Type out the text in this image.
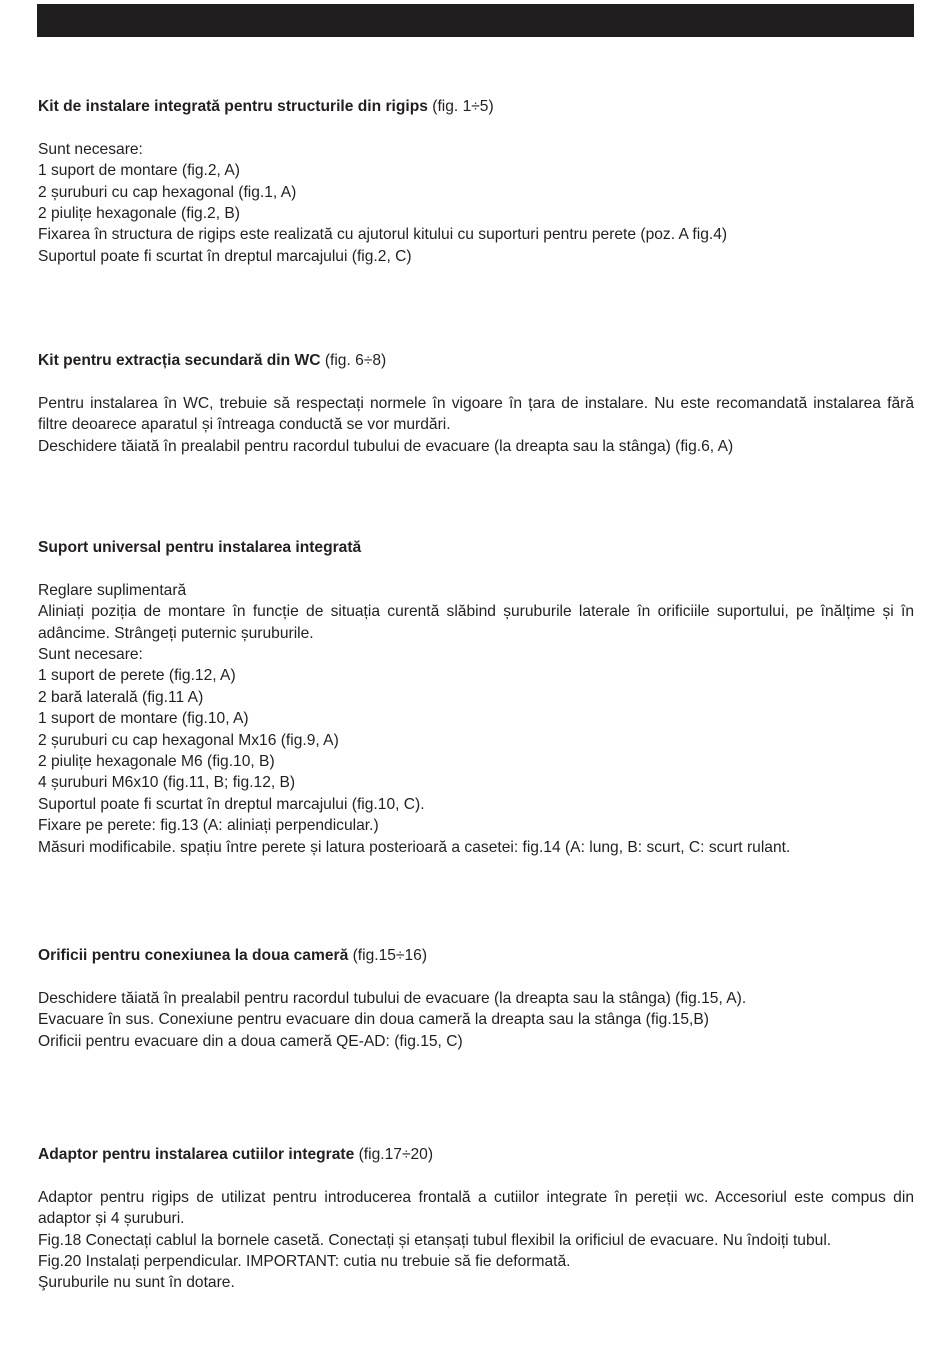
Kit de instalare integrată pentru structurile din rigips (fig. 1÷5)
Sunt necesare:
1 suport de montare (fig.2, A)
2 șuruburi cu cap hexagonal (fig.1, A)
2 piulițe hexagonale (fig.2, B)
Fixarea în structura de rigips este realizată cu ajutorul kitului cu suporturi pentru perete (poz. A fig.4)
Suportul poate fi scurtat în dreptul marcajului (fig.2, C)
Kit pentru extracția secundară din WC (fig. 6÷8)
Pentru instalarea în WC, trebuie să respectați normele în vigoare în țara de instalare. Nu este recomandată instalarea fără filtre deoarece aparatul și întreaga conductă se vor murdări.
Deschidere tăiată în prealabil pentru racordul tubului de evacuare (la dreapta sau la stânga) (fig.6, A)
Suport universal pentru instalarea integrată
Reglare suplimentară
Aliniați poziția de montare în funcție de situația curentă slăbind șuruburile laterale în orificiile suportului, pe înălțime și în adâncime. Strângeți puternic șuruburile.
Sunt necesare:
1 suport de perete (fig.12, A)
2 bară laterală (fig.11 A)
1 suport de montare (fig.10, A)
2 șuruburi cu cap hexagonal Mx16 (fig.9, A)
2 piulițe hexagonale M6 (fig.10, B)
4 șuruburi M6x10 (fig.11, B; fig.12, B)
Suportul poate fi scurtat în dreptul marcajului (fig.10, C).
Fixare pe perete: fig.13 (A: aliniați perpendicular.)
Măsuri modificabile. spațiu între perete și latura posterioară a casetei: fig.14 (A: lung, B: scurt, C: scurt rulant.
Orificii pentru conexiunea la doua cameră (fig.15÷16)
Deschidere tăiată în prealabil pentru racordul tubului de evacuare (la dreapta sau la stânga) (fig.15, A).
Evacuare în sus. Conexiune pentru evacuare din doua cameră la dreapta sau la stânga (fig.15,B)
Orificii pentru evacuare din a doua cameră QE-AD: (fig.15, C)
Adaptor pentru instalarea cutiilor integrate (fig.17÷20)
Adaptor pentru rigips de utilizat pentru introducerea frontală a cutiilor integrate în pereții wc. Accesoriul este compus din adaptor și 4 șuruburi.
Fig.18 Conectați cablul la bornele casetă. Conectați și etanșați tubul flexibil la orificiul de evacuare. Nu îndoiți tubul.
Fig.20 Instalați perpendicular. IMPORTANT: cutia nu trebuie să fie deformată.
Şuruburile nu sunt în dotare.
